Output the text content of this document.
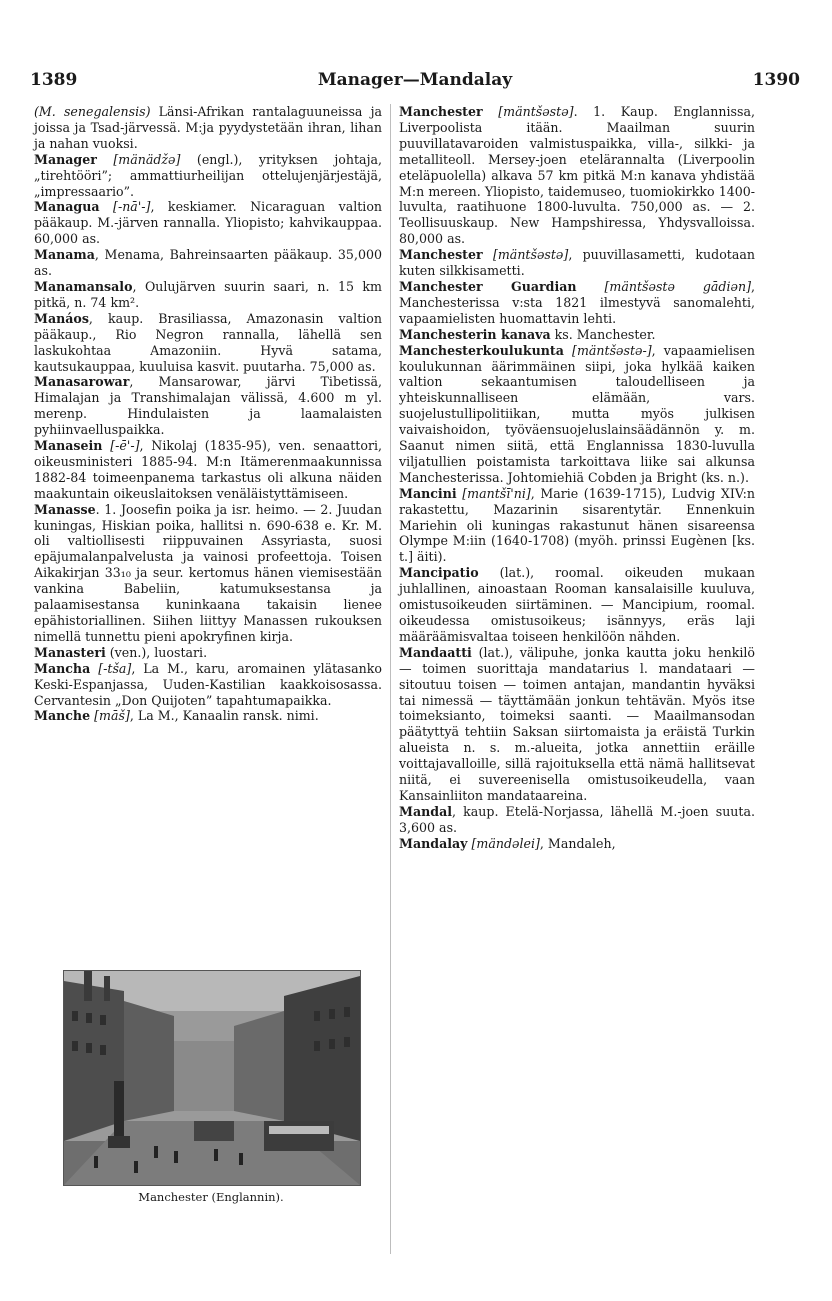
1389	Manager—Mandalay	1390

(M. senegalensis) Länsi-Afrikan rantalaguuneissa ja joissa ja Tsad-järvessä. M:ja pyydystetään ihran, lihan ja nahan vuoksi.

Manager [mänädžə] (engl.), yrityksen johtaja, „tirehtööri”; ammattiurheilijan ottelujenjärjestäjä, „impressaario”.

Managua [-nā'-], keskiamer. Nicaraguan valtion pääkaup. M.-järven rannalla. Yliopisto; kahvikauppaa. 60,000 as.

Manama, Menama, Bahreinsaarten pääkaup. 35,000 as.

Manamansalo, Oulujärven suurin saari, n. 15 km pitkä, n. 74 km².

Manáos, kaup. Brasiliassa, Amazonasin valtion pääkaup., Rio Negron rannalla, lähellä sen laskukohtaa Amazoniin. Hyvä satama, kautsukauppaa, kuuluisa kasvit. puutarha. 75,000 as.

Manasarowar, Mansarowar, järvi Tibetissä, Himalajan ja Transhimalajan välissä, 4.600 m yl. merenp. Hindulaisten ja laamalaisten pyhiinvaelluspaikka.

Manasein [-ē'-], Nikolaj (1835-95), ven. senaattori, oikeusministeri 1885-94. M:n Itämerenmaakunnissa 1882-84 toimeenpanema tarkastus oli alkuna näiden maakuntain oikeuslaitoksen venäläistyttämiseen.

Manasse. 1. Joosefin poika ja isr. heimo. — 2. Juudan kuningas, Hiskian poika, hallitsi n. 690-638 e. Kr. M. oli valtiollisesti riippuvainen Assyriasta, suosi epäjumalanpalvelusta ja vainosi profeettoja. Toisen Aikakirjan 33₁₀ ja seur. kertomus hänen viemisestään vankina Babeliin, katumuksestansa ja palaamisestansa kuninkaana takaisin lienee epähistoriallinen. Siihen liittyy Manassen rukouksen nimellä tunnettu pieni apokryfinen kirja.

Manasteri (ven.), luostari.

Mancha [-tša], La M., karu, aromainen ylätasanko Keski-Espanjassa, Uuden-Kastilian kaakkoisosassa. Cervantesin „Don Quijoten” tapahtumapaikka.

Manche [māš], La M., Kanaalin ransk. nimi.

Manchester [mäntšəstə]. 1. Kaup. Englannissa, Liverpoolista itään. Maailman suurin puuvillatavaroiden valmistuspaikka, villa-, silkki- ja metalliteoll. Mersey-joen etelärannalta (Liverpoolin eteläpuolella) alkava 57 km pitkä M:n kanava yhdistää M:n mereen. Yliopisto, taidemuseo, tuomiokirkko 1400-luvulta, raatihuone 1800-luvulta. 750,000 as. — 2. Teollisuuskaup. New Hampshiressa, Yhdysvalloissa. 80,000 as.

Manchester [mäntšəstə], puuvillasametti, kudotaan kuten silkkisametti.

Manchester Guardian [mäntšəstə gādiən], Manchesterissa v:sta 1821 ilmestyvä sanomalehti, vapaamielisten huomattavin lehti.

Manchesterin kanava ks. Manchester.

Manchesterkoulukunta [mäntšəstə-], vapaamielisen koulukunnan äärimmäinen siipi, joka hylkää kaiken valtion sekaantumisen taloudelliseen ja yhteiskunnalliseen elämään, vars. suojelustullipolitiikan, mutta myös julkisen vaivaishoidon, työväensuojeluslainsäädännön y. m. Saanut nimen siitä, että Englannissa 1830-luvulla viljatullien poistamista tarkoittava liike sai alkunsa Manchesterissa. Johtomiehiä Cobden ja Bright (ks. n.).

Mancini [mantšī'ni], Marie (1639-1715), Ludvig XIV:n rakastettu, Mazarinin sisarentytär. Ennenkuin Mariehin oli kuningas rakastunut hänen sisareensa Olympe M:iin (1640-1708) (myöh. prinssi Eugènen [ks. t.] äiti).

Mancipatio (lat.), roomal. oikeuden mukaan juhlallinen, ainoastaan Rooman kansalaisille kuuluva, omistusoikeuden siirtäminen. — Mancipium, roomal. oikeudessa omistusoikeus; isännyys, eräs laji määräämisvaltaa toiseen henkilöön nähden.

Mandaatti (lat.), välipuhe, jonka kautta joku henkilö — toimen suorittaja mandatarius l. mandataari — sitoutuu toisen — toimen antajan, mandantin hyväksi tai nimessä — täyttämään jonkun tehtävän. Myös itse toimeksianto, toimeksi saanti. — Maailmansodan päätyttyä tehtiin Saksan siirtomaista ja eräistä Turkin alueista n. s. m.-alueita, jotka annettiin eräille voittajavalloille, sillä rajoituksella että nämä hallitsevat niitä, ei suvereenisella omistusoikeudella, vaan Kansainliiton mandataareina.

Mandal, kaup. Etelä-Norjassa, lähellä M.-joen suuta. 3,600 as.

Mandalay [mändəlei], Mandaleh,

Manchester (Englannin).
